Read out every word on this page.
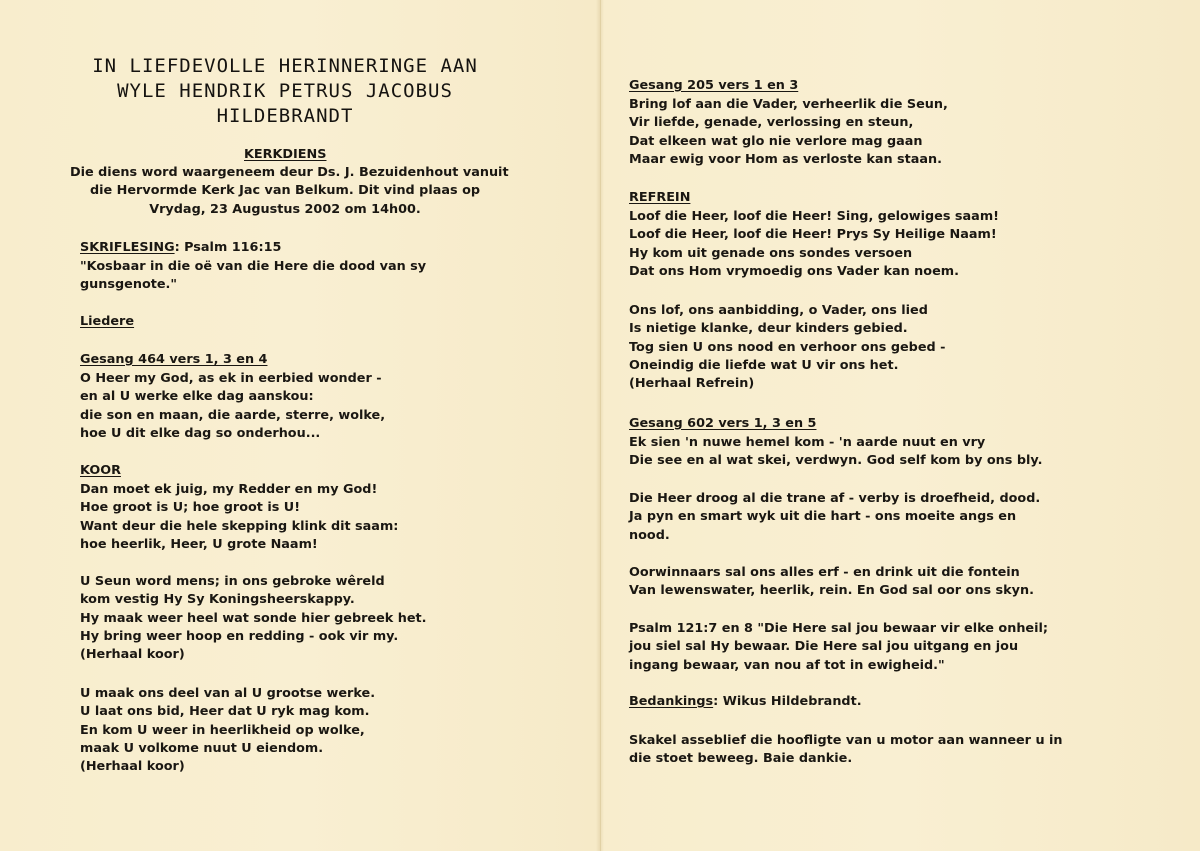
IN LIEFDEVOLLE HERINNERINGE AAN
WYLE HENDRIK PETRUS JACOBUS
HILDEBRANDT
KERKDIENS
Die diens word waargeneem deur Ds. J. Bezuidenhout vanuit
die Hervormde Kerk Jac van Belkum. Dit vind plaas op
Vrydag, 23 Augustus 2002 om 14h00.
SKRIFLESING: Psalm 116:15
"Kosbaar in die oë van die Here die dood van sy
gunsgenote."
Liedere
Gesang 464 vers 1, 3 en 4
O Heer my God, as ek in eerbied wonder -
en al U werke elke dag aanskou:
die son en maan, die aarde, sterre, wolke,
hoe U dit elke dag so onderhou...
KOOR
Dan moet ek juig, my Redder en my God!
Hoe groot is U; hoe groot is U!
Want deur die hele skepping klink dit saam:
hoe heerlik, Heer, U grote Naam!
U Seun word mens; in ons gebroke wêreld
kom vestig Hy Sy Koningsheerskappy.
Hy maak weer heel wat sonde hier gebreek het.
Hy bring weer hoop en redding - ook vir my.
(Herhaal koor)
U maak ons deel van al U grootse werke.
U laat ons bid, Heer dat U ryk mag kom.
En kom U weer in heerlikheid op wolke,
maak U volkome nuut U eiendom.
(Herhaal koor)
Gesang 205 vers 1 en 3
Bring lof aan die Vader, verheerlik die Seun,
Vir liefde, genade, verlossing en steun,
Dat elkeen wat glo nie verlore mag gaan
Maar ewig voor Hom as verloste kan staan.
REFREIN
Loof die Heer, loof die Heer! Sing, gelowiges saam!
Loof die Heer, loof die Heer! Prys Sy Heilige Naam!
Hy kom uit genade ons sondes versoen
Dat ons Hom vrymoedig ons Vader kan noem.
Ons lof, ons aanbidding, o Vader, ons lied
Is nietige klanke, deur kinders gebied.
Tog sien U ons nood en verhoor ons gebed -
Oneindig die liefde wat U vir ons het.
(Herhaal Refrein)
Gesang 602 vers 1, 3 en 5
Ek sien 'n nuwe hemel kom - 'n aarde nuut en vry
Die see en al wat skei, verdwyn. God self kom by ons bly.
Die Heer droog al die trane af - verby is droefheid, dood.
Ja pyn en smart wyk uit die hart - ons moeite angs en
nood.
Oorwinnaars sal ons alles erf - en drink uit die fontein
Van lewenswater, heerlik, rein. En God sal oor ons skyn.
Psalm 121:7 en 8 "Die Here sal jou bewaar vir elke onheil;
jou siel sal Hy bewaar. Die Here sal jou uitgang en jou
ingang bewaar, van nou af tot in ewigheid."
Bedankings: Wikus Hildebrandt.
Skakel asseblief die hoofligte van u motor aan wanneer u in
die stoet beweeg. Baie dankie.
